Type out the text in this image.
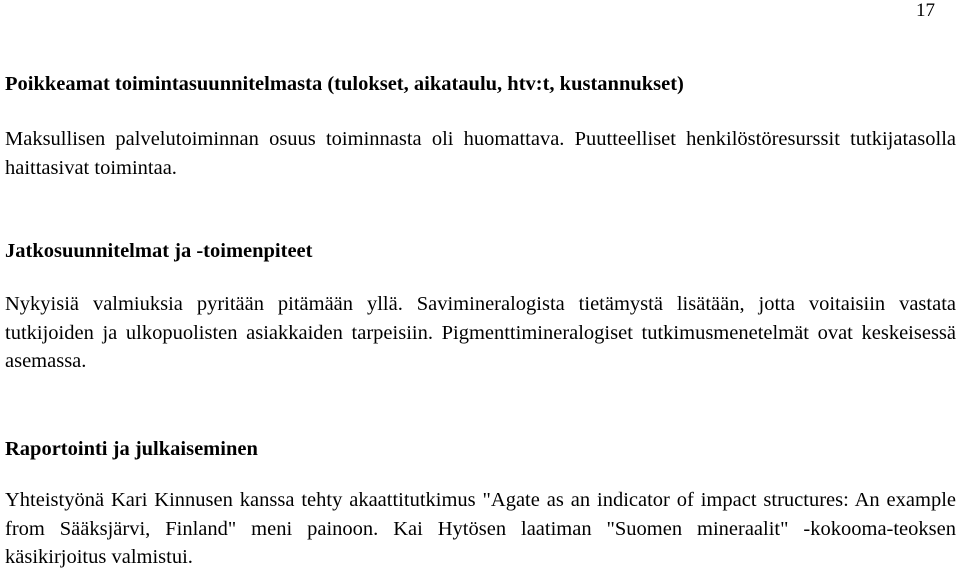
17
Poikkeamat toimintasuunnitelmasta (tulokset, aikataulu, htv:t, kustannukset)

Maksullisen palvelutoiminnan osuus toiminnasta oli huomattava. Puutteelliset henkilöstöresurssit tutkijatasolla haittasivat toimintaa.

Jatkosuunnitelmat ja -toimenpiteet

Nykyisiä valmiuksia pyritään pitämään yllä. Savimineralogista tietämystä lisätään, jotta voitaisiin vastata tutkijoiden ja ulkopuolisten asiakkaiden tarpeisiin. Pigmenttimineralogiset tutkimusmenetelmät ovat keskeisessä asemassa.

Raportointi ja julkaiseminen

Yhteistyönä Kari Kinnusen kanssa tehty akaattitutkimus "Agate as an indicator of impact structures: An example from Sääksjärvi, Finland" meni painoon. Kai Hytösen laatiman "Suomen mineraalit" -kokooma-teoksen käsikirjoitus valmistui.
